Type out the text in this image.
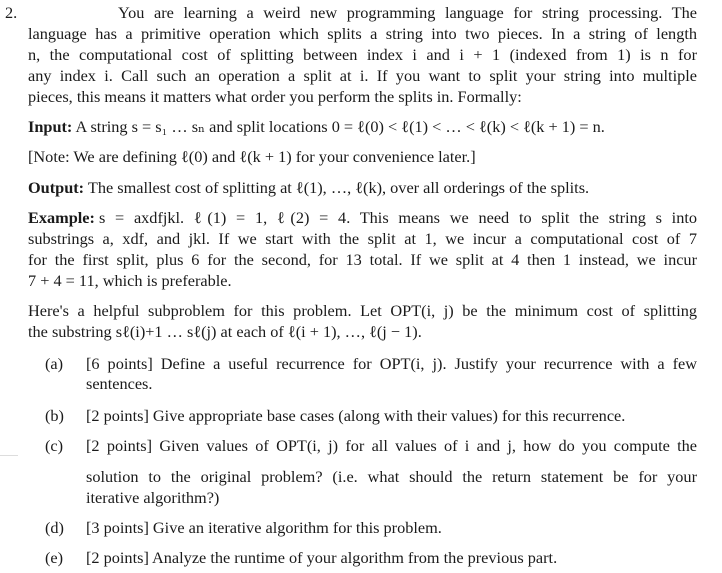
2.	You are learning a weird new programming language for string processing. The
language has a primitive operation which splits a string into two pieces. In a string of length
n, the computational cost of splitting between index i and i + 1 (indexed from 1) is n for
any index i. Call such an operation a split at i. If you want to split your string into multiple
pieces, this means it matters what order you perform the splits in. Formally:
Input: A string s = s₁ … sₙ and split locations 0 = ℓ(0) < ℓ(1) < … < ℓ(k) < ℓ(k + 1) = n.
[Note: We are defining ℓ(0) and ℓ(k + 1) for your convenience later.]
Output: The smallest cost of splitting at ℓ(1), …, ℓ(k), over all orderings of the splits.
Example: s = axdfjkl. ℓ(1) = 1, ℓ(2) = 4. This means we need to split the string s into
substrings a, xdf, and jkl. If we start with the split at 1, we incur a computational cost of 7
for the first split, plus 6 for the second, for 13 total. If we split at 4 then 1 instead, we incur
7 + 4 = 11, which is preferable.
Here's a helpful subproblem for this problem. Let OPT(i, j) be the minimum cost of splitting
the substring sℓ(i)+1 … sℓ(j) at each of ℓ(i + 1), …, ℓ(j − 1).
(a) [6 points] Define a useful recurrence for OPT(i, j). Justify your recurrence with a few
sentences.
(b) [2 points] Give appropriate base cases (along with their values) for this recurrence.
(c) [2 points] Given values of OPT(i, j) for all values of i and j, how do you compute the
solution to the original problem? (i.e. what should the return statement be for your
iterative algorithm?)
(d) [3 points] Give an iterative algorithm for this problem.
(e) [2 points] Analyze the runtime of your algorithm from the previous part.
